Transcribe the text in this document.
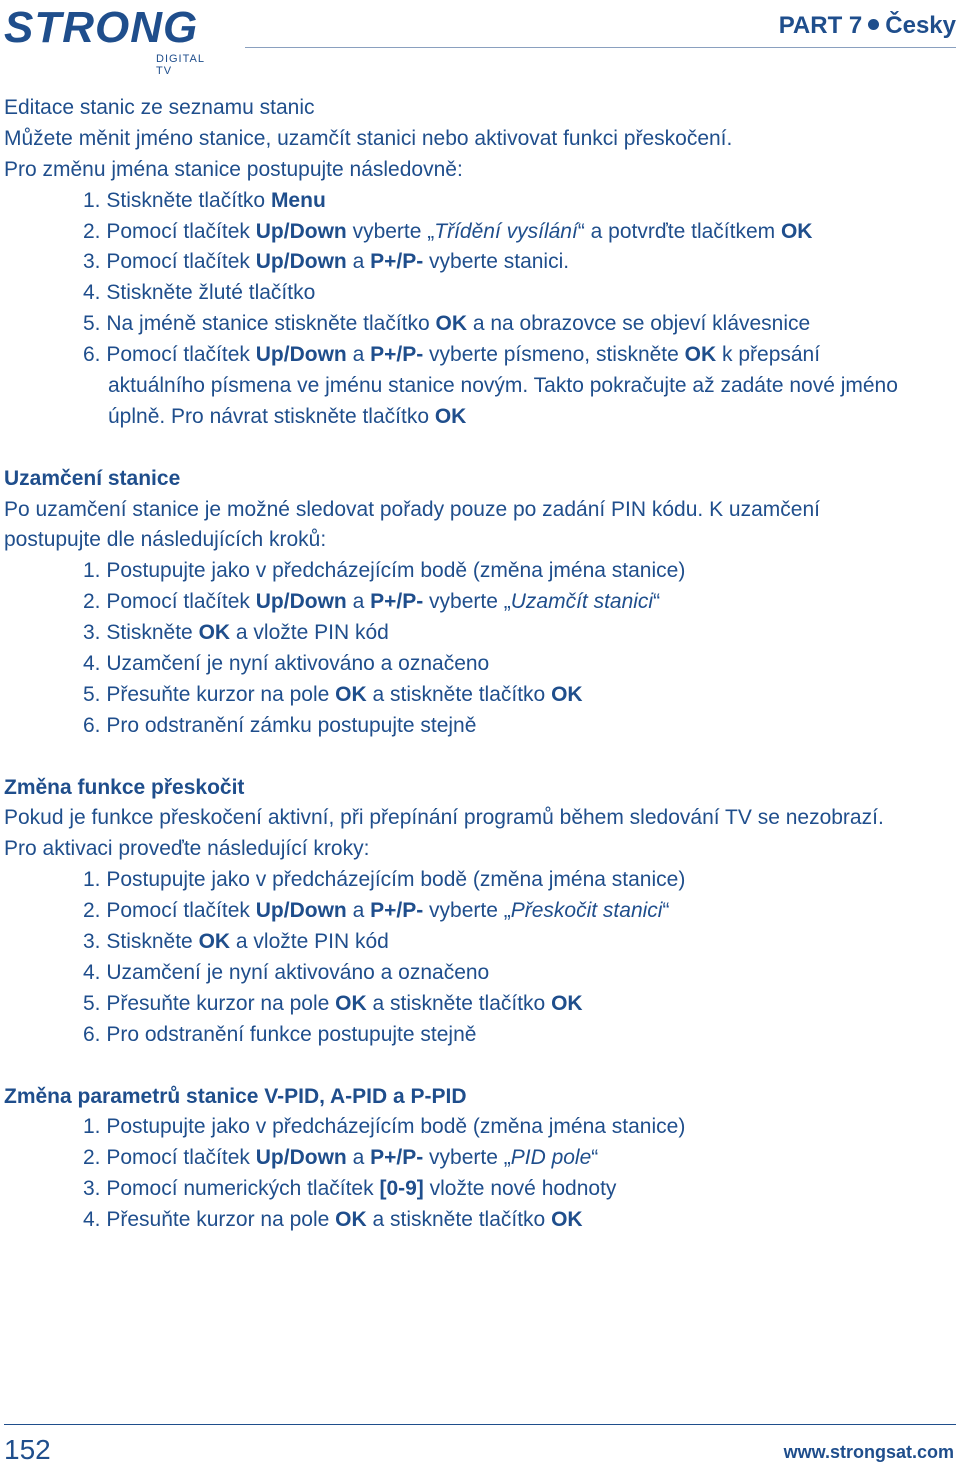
STRONG
DIGITAL TV
PART 7 Česky
Editace stanic ze seznamu stanic
Můžete měnit jméno stanice, uzamčít stanici nebo aktivovat funkci přeskočení.
Pro změnu jména stanice postupujte následovně:
1. Stiskněte tlačítko Menu
2. Pomocí tlačítek Up/Down vyberte „Třídění vysílání“ a potvrďte tlačítkem OK
3. Pomocí tlačítek Up/Down a P+/P- vyberte stanici.
4. Stiskněte žluté tlačítko
5. Na jméně stanice stiskněte tlačítko OK a na obrazovce se objeví klávesnice
6. Pomocí tlačítek Up/Down a P+/P- vyberte písmeno, stiskněte OK k přepsání
aktuálního písmena ve jménu stanice novým. Takto pokračujte až zadáte nové jméno
úplně. Pro návrat stiskněte tlačítko OK
Uzamčení stanice
Po uzamčení stanice je možné sledovat pořady pouze po zadání PIN kódu. K uzamčení
postupujte dle následujících kroků:
1. Postupujte jako v předcházejícím bodě (změna jména stanice)
2. Pomocí tlačítek Up/Down a P+/P- vyberte „Uzamčít stanici“
3. Stiskněte OK a vložte PIN kód
4. Uzamčení je nyní aktivováno a označeno
5. Přesuňte kurzor na pole OK a stiskněte tlačítko OK
6. Pro odstranění zámku postupujte stejně
Změna funkce přeskočit
Pokud je funkce přeskočení aktivní, při přepínání programů během sledování TV se nezobrazí.
Pro aktivaci proveďte následující kroky:
1. Postupujte jako v předcházejícím bodě (změna jména stanice)
2. Pomocí tlačítek Up/Down a P+/P- vyberte „Přeskočit stanici“
3. Stiskněte OK a vložte PIN kód
4. Uzamčení je nyní aktivováno a označeno
5. Přesuňte kurzor na pole OK a stiskněte tlačítko OK
6. Pro odstranění funkce postupujte stejně
Změna parametrů stanice V-PID, A-PID a P-PID
1. Postupujte jako v předcházejícím bodě (změna jména stanice)
2. Pomocí tlačítek Up/Down a P+/P- vyberte „PID pole“
3. Pomocí numerických tlačítek [0-9] vložte nové hodnoty
4. Přesuňte kurzor na pole OK a stiskněte tlačítko OK
152	www.strongsat.com
